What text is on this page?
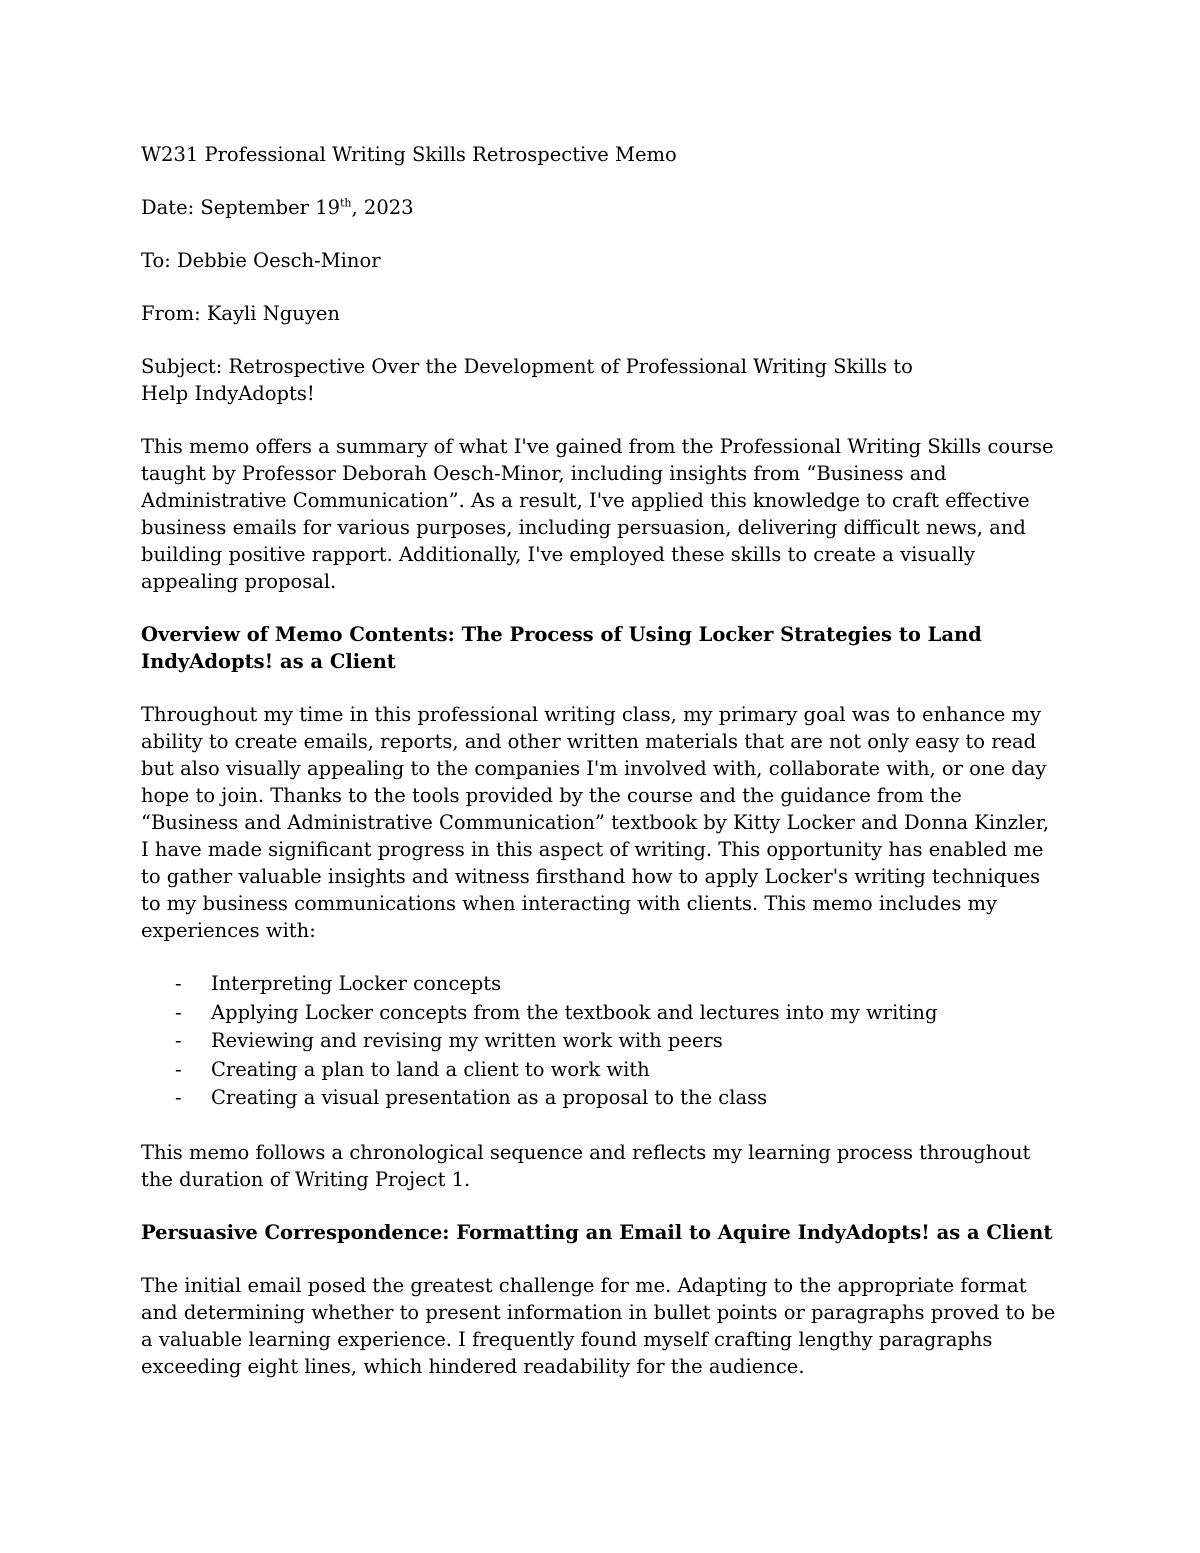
W231 Professional Writing Skills Retrospective Memo

Date: September 19th, 2023

To: Debbie Oesch-Minor

From: Kayli Nguyen

Subject: Retrospective Over the Development of Professional Writing Skills to Help IndyAdopts!

This memo offers a summary of what I've gained from the Professional Writing Skills course taught by Professor Deborah Oesch-Minor, including insights from “Business and Administrative Communication”. As a result, I've applied this knowledge to craft effective business emails for various purposes, including persuasion, delivering difficult news, and building positive rapport. Additionally, I've employed these skills to create a visually appealing proposal.

Overview of Memo Contents: The Process of Using Locker Strategies to Land IndyAdopts! as a Client

Throughout my time in this professional writing class, my primary goal was to enhance my ability to create emails, reports, and other written materials that are not only easy to read but also visually appealing to the companies I'm involved with, collaborate with, or one day hope to join. Thanks to the tools provided by the course and the guidance from the “Business and Administrative Communication” textbook by Kitty Locker and Donna Kinzler, I have made significant progress in this aspect of writing. This opportunity has enabled me to gather valuable insights and witness firsthand how to apply Locker's writing techniques to my business communications when interacting with clients. This memo includes my experiences with:

- Interpreting Locker concepts
- Applying Locker concepts from the textbook and lectures into my writing
- Reviewing and revising my written work with peers
- Creating a plan to land a client to work with
- Creating a visual presentation as a proposal to the class

This memo follows a chronological sequence and reflects my learning process throughout the duration of Writing Project 1.

Persuasive Correspondence: Formatting an Email to Aquire IndyAdopts! as a Client

The initial email posed the greatest challenge for me. Adapting to the appropriate format and determining whether to present information in bullet points or paragraphs proved to be a valuable learning experience. I frequently found myself crafting lengthy paragraphs exceeding eight lines, which hindered readability for the audience.
